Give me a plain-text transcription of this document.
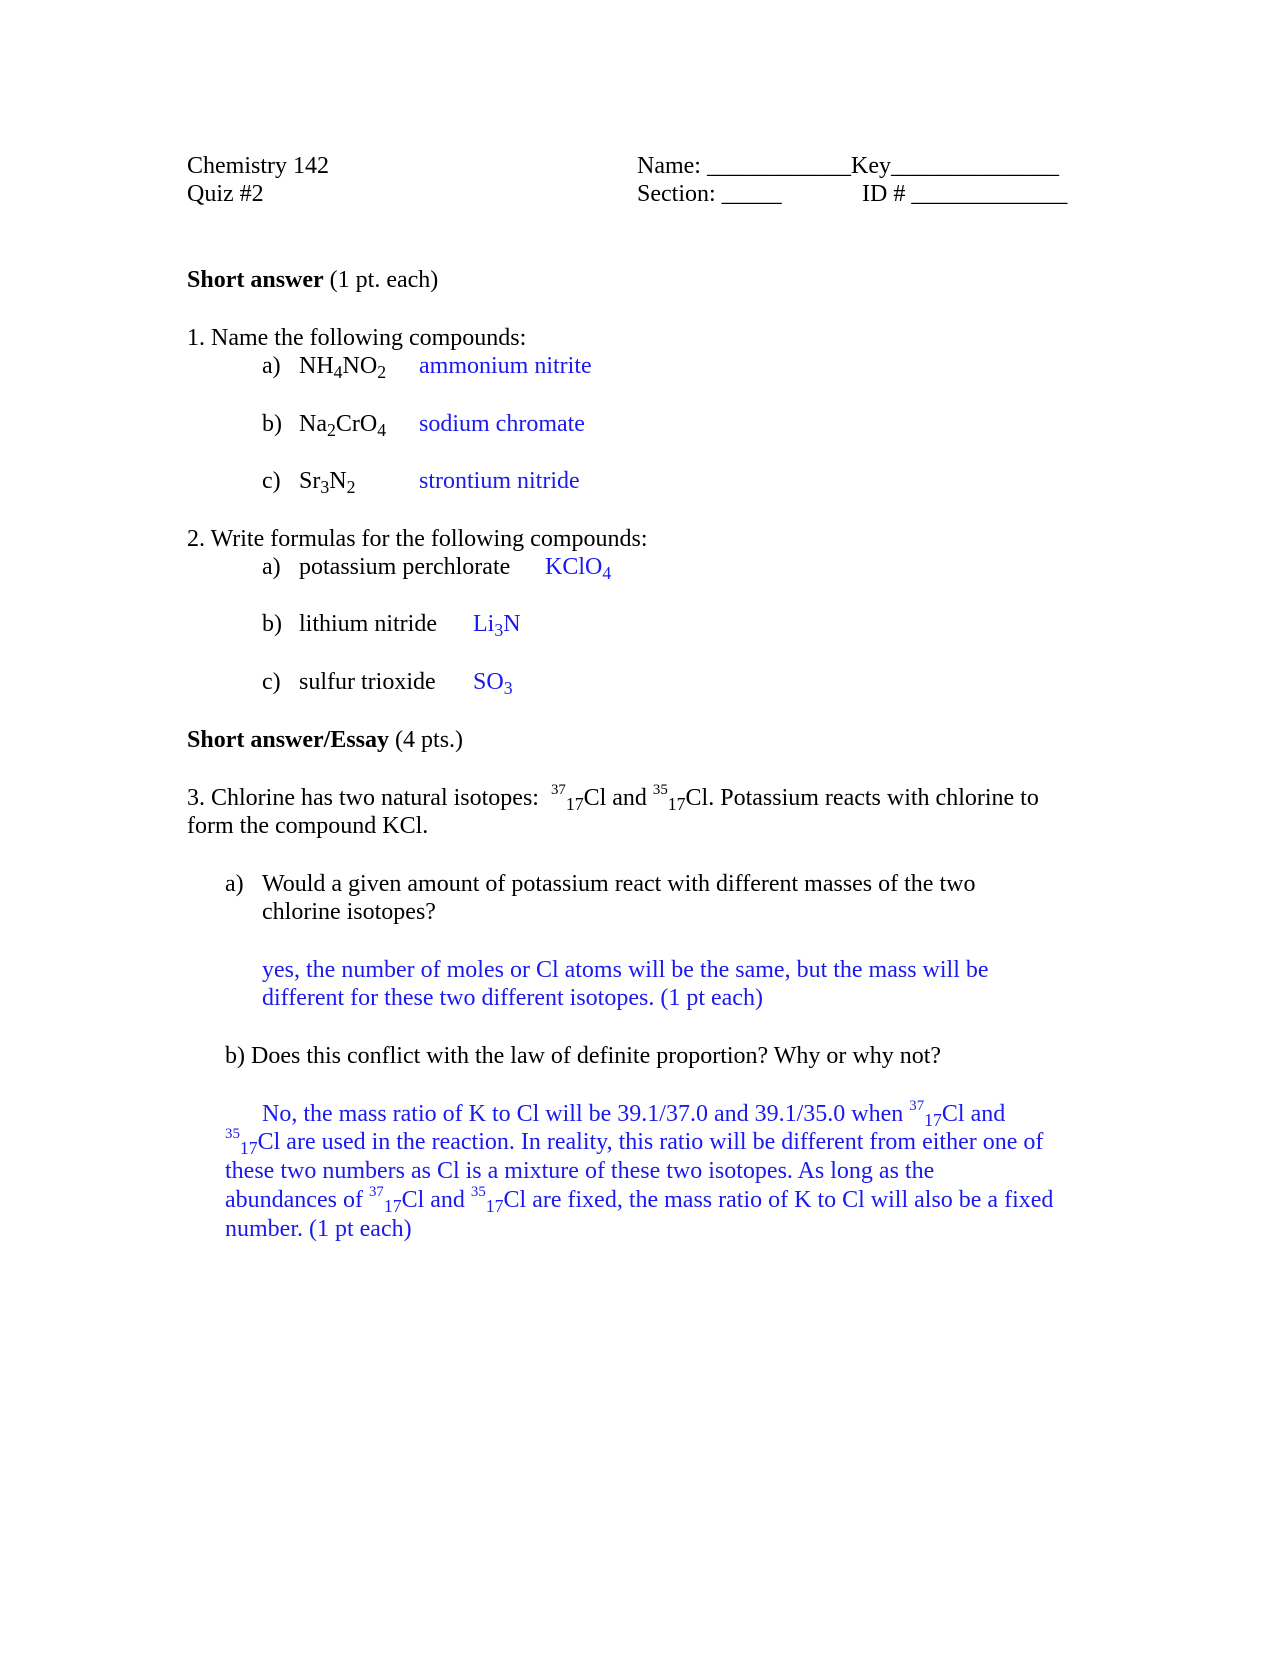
Chemistry 142
Quiz #2
Name: ____________Key______________
Section: _____	ID # _____________
Short answer (1 pt. each)
1. Name the following compounds:
a) $NH_4NO_2$ ammonium nitrite
b) $Na_2CrO_4$ sodium chromate
c) $Sr_3N_2$	strontium nitride
2. Write formulas for the following compounds:
a) potassium perchlorate KClO$_4$
b) lithium nitride $Li_3N$
c) sulfur trioxide $SO_3$
Short answer/Essay (4 pts.)
3. Chlorine has two natural isotopes: $^{37}_{17}$Cl and $^{35}_{17}$Cl. Potassium reacts with chlorine to
form the compound KCl.
a) Would a given amount of potassium react with different masses of the two
chlorine isotopes?
yes, the number of moles or Cl atoms will be the same, but the mass will be
different for these two different isotopes. (1 pt each)
b) Does this conflict with the law of definite proportion? Why or why not?
No, the mass ratio of K to Cl will be 39.1/37.0 and 39.1/35.0 when $^{37}_{17}$Cl and
$^{35}_{17}$Cl are used in the reaction. In reality, this ratio will be different from either one of
these two numbers as Cl is a mixture of these two isotopes. As long as the
abundances of $^{37}_{17}$Cl and $^{35}_{17}$Cl are fixed, the mass ratio of K to Cl will also be a fixed
number. (1 pt each)
